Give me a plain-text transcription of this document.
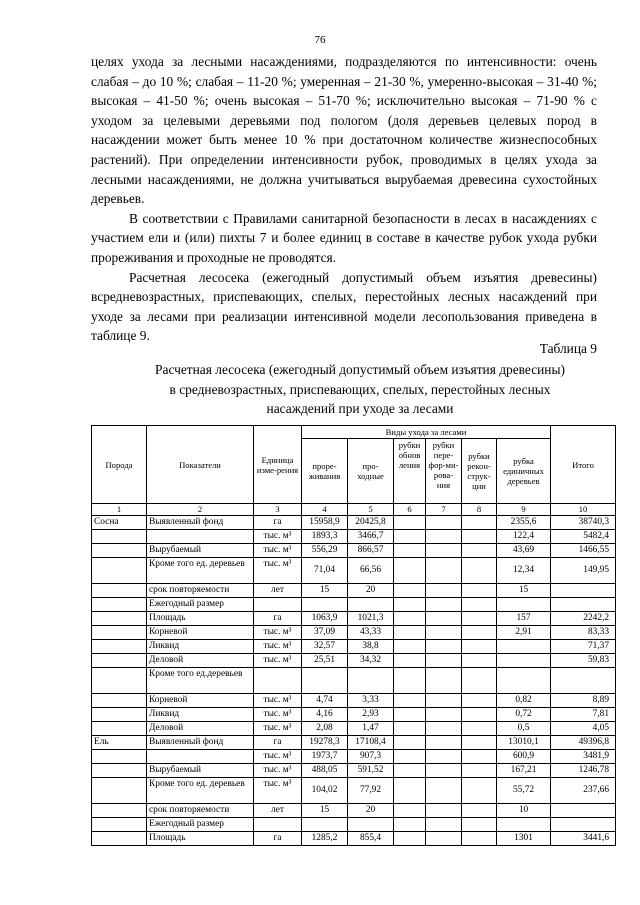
76

целях ухода за лесными насаждениями, подразделяются по интенсивности: очень слабая – до 10 %; слабая – 11-20 %; умеренная – 21-30 %, умеренно-высокая – 31-40 %; высокая – 41-50 %; очень высокая – 51-70 %; исключительно высокая – 71-90 % с уходом за целевыми деревьями под пологом (доля деревьев целевых пород в насаждении может быть менее 10 % при достаточном количестве жизнеспособных растений). При определении интенсивности рубок, проводимых в целях ухода за лесными насаждениями, не должна учитываться вырубаемая древесина сухостойных деревьев.

В соответствии с Правилами санитарной безопасности в лесах в насаждениях с участием ели и (или) пихты 7 и более единиц в составе в качестве рубок ухода рубки прореживания и проходные не проводятся.

Расчетная лесосека (ежегодный допустимый объем изъятия древесины) всредневозрастных, приспевающих, спелых, перестойных лесных насаждений при уходе за лесами при реализации интенсивной модели лесопользования приведена в таблице 9.

Таблица 9
Расчетная лесосека (ежегодный допустимый объем изъятия древесины)
в средневозрастных, приспевающих, спелых, перестойных лесных
насаждений при уходе за лесами
Порода	Показатели	Единица изме-рения	Виды ухода за лесами						Итого
			проре-живания	про-ходные	рубки обнов ления	рубки пере-фор-ми-рова-ния	рубки рекон-струк-ции	рубка единичных деревьев	
1	2	3	4	5	6	7	8	9	10
Сосна	Выявленный фонд	га	15958,9	20425,8				2355,6	38740,3
		тыс. м³	1893,3	3466,7				122,4	5482,4
	Вырубаемый	тыс. м³	556,29	866,57				43,69	1466,55
	Кроме того ед. деревьев	тыс. м³	71,04	66,56				12,34	149,95
	срок повторяемости	лет	15	20				15	
	Ежегодный размер								
	Площадь	га	1063,9	1021,3				157	2242,2
	Корневой	тыс. м³	37,09	43,33				2,91	83,33
	Ликвид	тыс. м³	32,57	38,8					71,37
	Деловой	тыс. м³	25,51	34,32					59,83
	Кроме того ед.деревьев								
	Корневой	тыс. м³	4,74	3,33				0,82	8,89
	Ликвид	тыс. м³	4,16	2,93				0,72	7,81
	Деловой	тыс. м³	2,08	1,47				0,5	4,05
Ель	Выявленный фонд	га	19278,3	17108,4				13010,1	49396,8
		тыс. м³	1973,7	907,3				600,9	3481,9
	Вырубаемый	тыс. м³	488,05	591,52				167,21	1246,78
	Кроме того ед. деревьев	тыс. м³	104,02	77,92				55,72	237,66
	срок повторяемости	лет	15	20				10	
	Ежегодный размер								
	Площадь	га	1285,2	855,4				1301	3441,6
